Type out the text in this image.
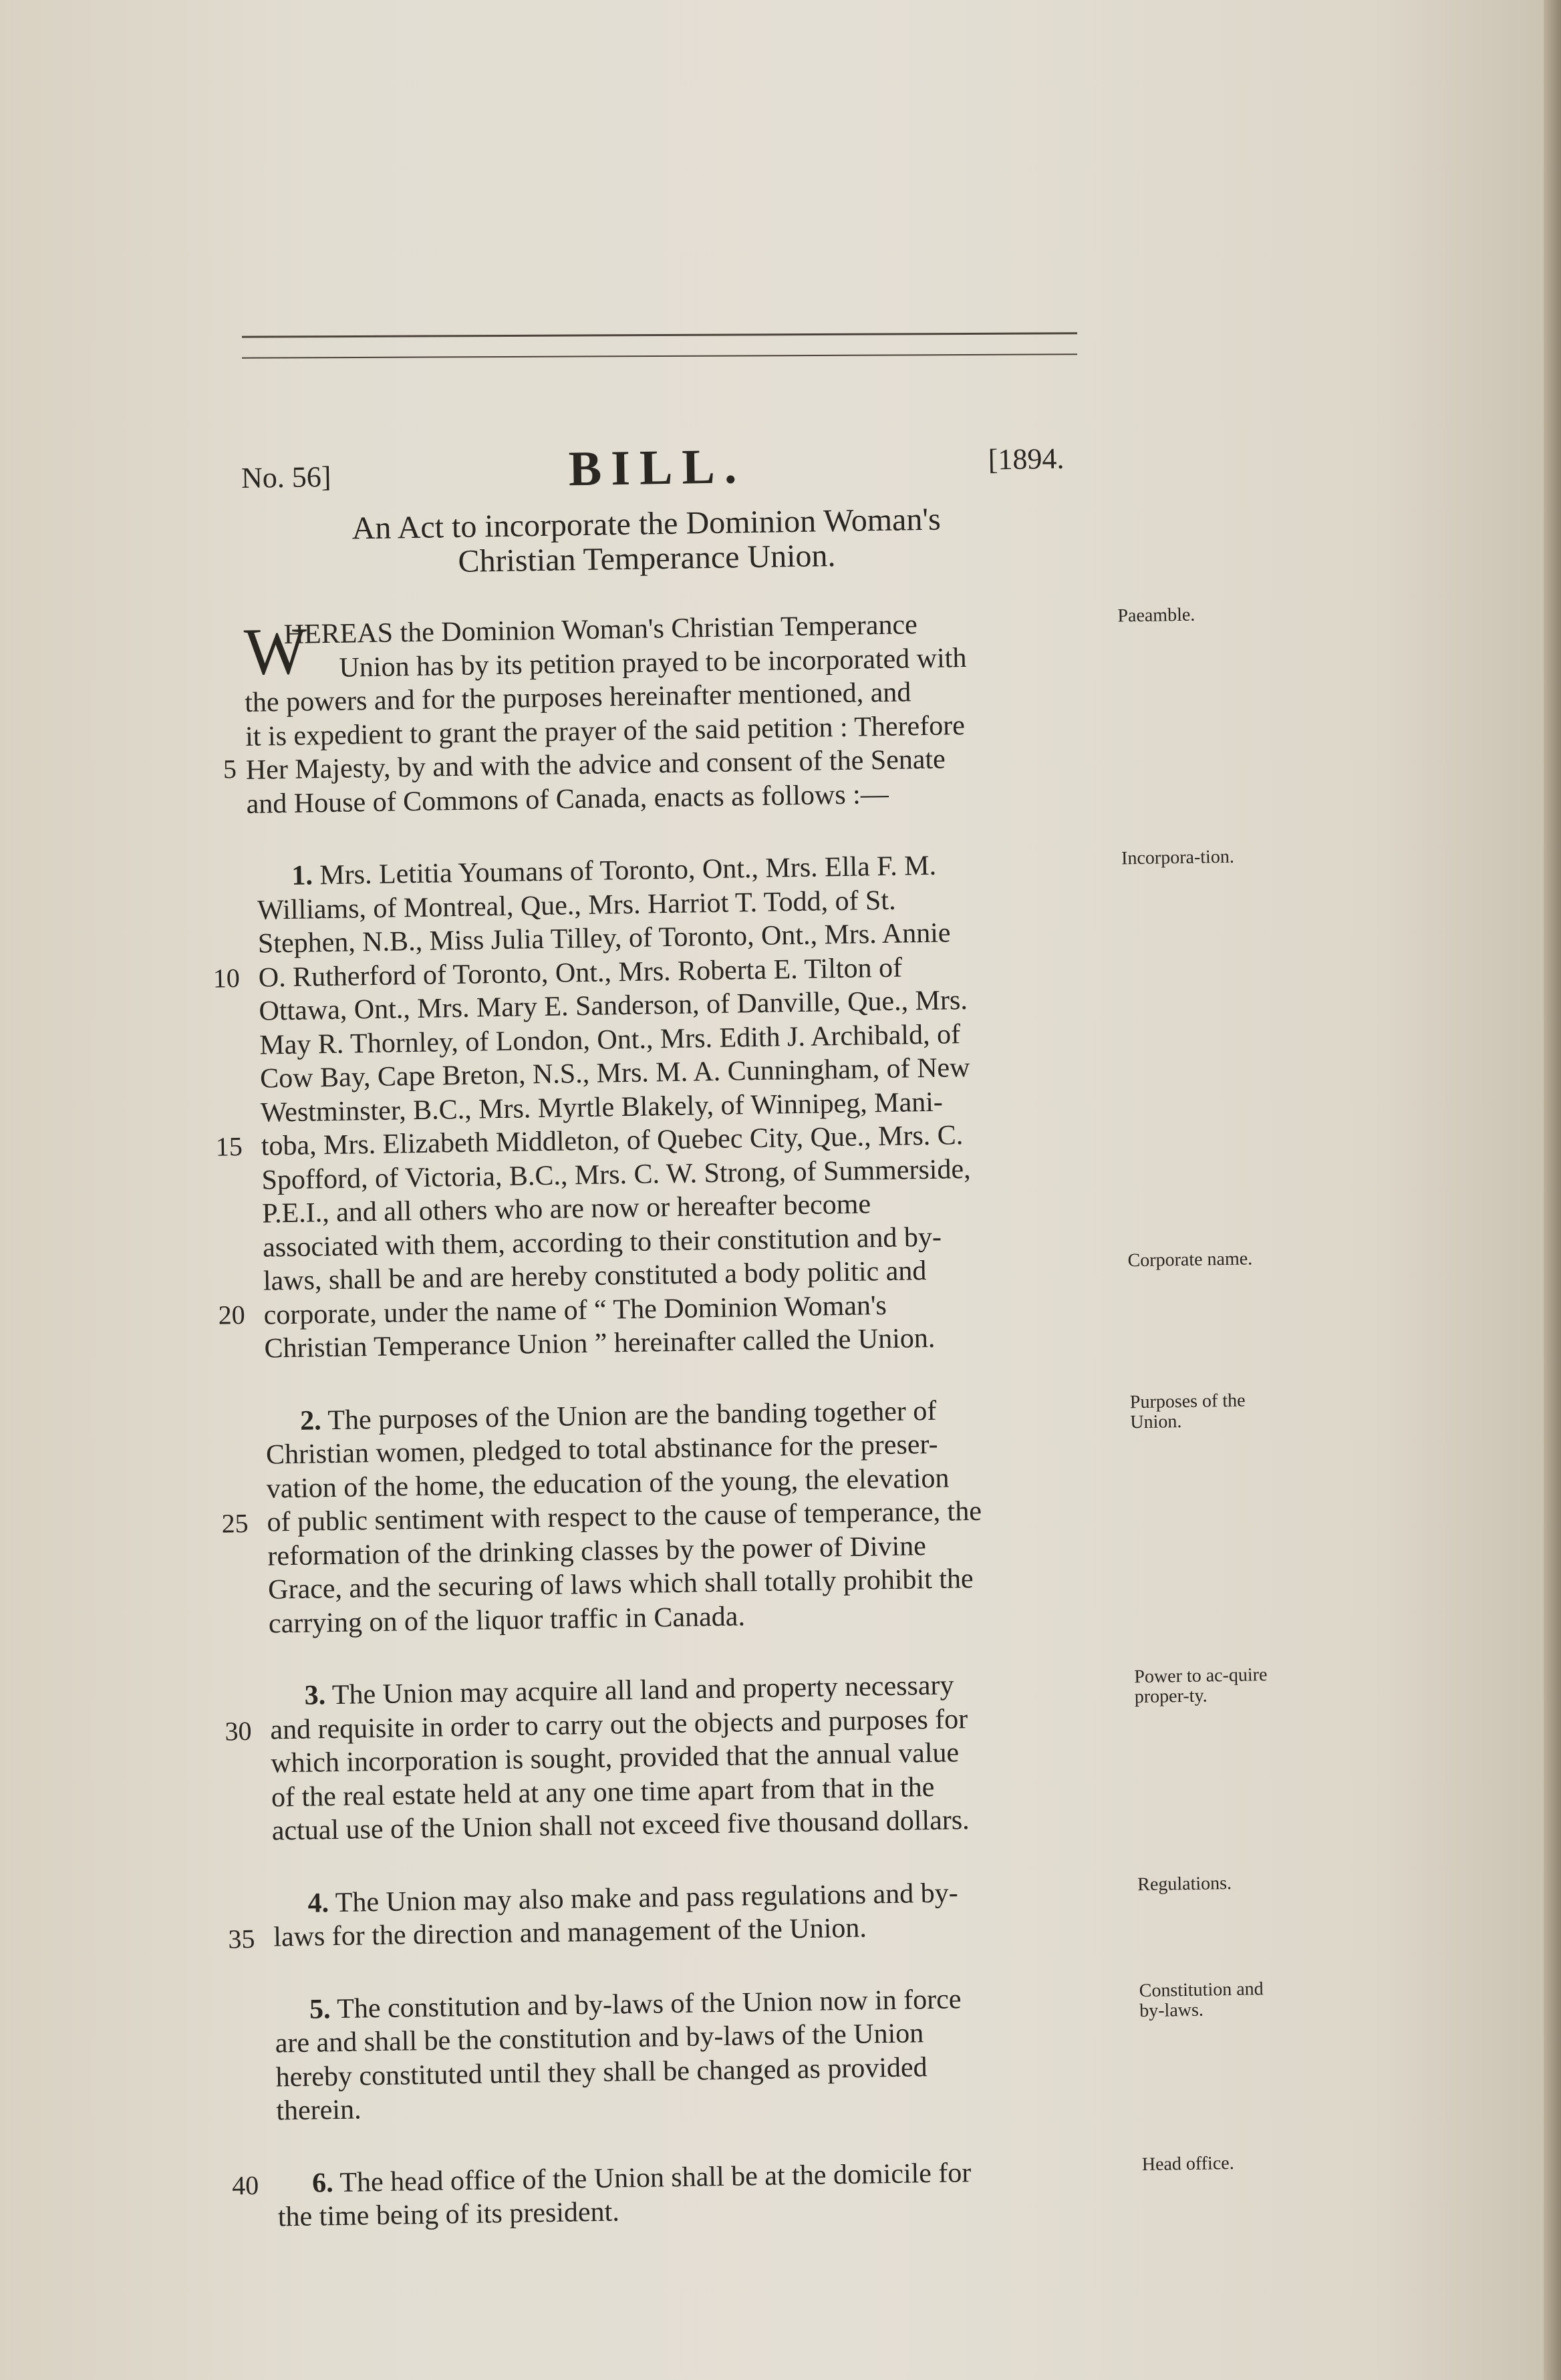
No. 56]	BILL.	[1894.
An Act to incorporate the Dominion Woman's
Christian Temperance Union.
W	Paeamble.
HEREAS the Dominion Woman's Christian Temperance
Union has by its petition prayed to be incorporated with
the powers and for the purposes hereinafter mentioned, and
it is expedient to grant the prayer of the said petition : Therefore
5 Her Majesty, by and with the advice and consent of the Senate
and House of Commons of Canada, enacts as follows :—
Incorpora-tion.
Corporate name.
10
15
20
1. Mrs. Letitia Youmans of Toronto, Ont., Mrs. Ella F. M.
Williams, of Montreal, Que., Mrs. Harriot T. Todd, of St.
Stephen, N.B., Miss Julia Tilley, of Toronto, Ont., Mrs. Annie
O. Rutherford of Toronto, Ont., Mrs. Roberta E. Tilton of
Ottawa, Ont., Mrs. Mary E. Sanderson, of Danville, Que., Mrs.
May R. Thornley, of London, Ont., Mrs. Edith J. Archibald, of
Cow Bay, Cape Breton, N.S., Mrs. M. A. Cunningham, of New
Westminster, B.C., Mrs. Myrtle Blakely, of Winnipeg, Mani-
toba, Mrs. Elizabeth Middleton, of Quebec City, Que., Mrs. C.
Spofford, of Victoria, B.C., Mrs. C. W. Strong, of Summerside,
P.E.I., and all others who are now or hereafter become
associated with them, according to their constitution and by-
laws, shall be and are hereby constituted a body politic and
corporate, under the name of “ The Dominion Woman's
Christian Temperance Union ” hereinafter called the Union.
Purposes of the Union.
25
2. The purposes of the Union are the banding together of
Christian women, pledged to total abstinance for the preser-
vation of the home, the education of the young, the elevation
of public sentiment with respect to the cause of temperance, the
reformation of the drinking classes by the power of Divine
Grace, and the securing of laws which shall totally prohibit the
carrying on of the liquor traffic in Canada.
Power to ac-quire proper-ty.
30
3. The Union may acquire all land and property necessary
and requisite in order to carry out the objects and purposes for
which incorporation is sought, provided that the annual value
of the real estate held at any one time apart from that in the
actual use of the Union shall not exceed five thousand dollars.
Regulations.
35
4. The Union may also make and pass regulations and by-
laws for the direction and management of the Union.
Constitution and by-laws.
5. The constitution and by-laws of the Union now in force
are and shall be the constitution and by-laws of the Union
hereby constituted until they shall be changed as provided
therein.
Head office.
40	6. The head office of the Union shall be at the domicile for
the time being of its president.
